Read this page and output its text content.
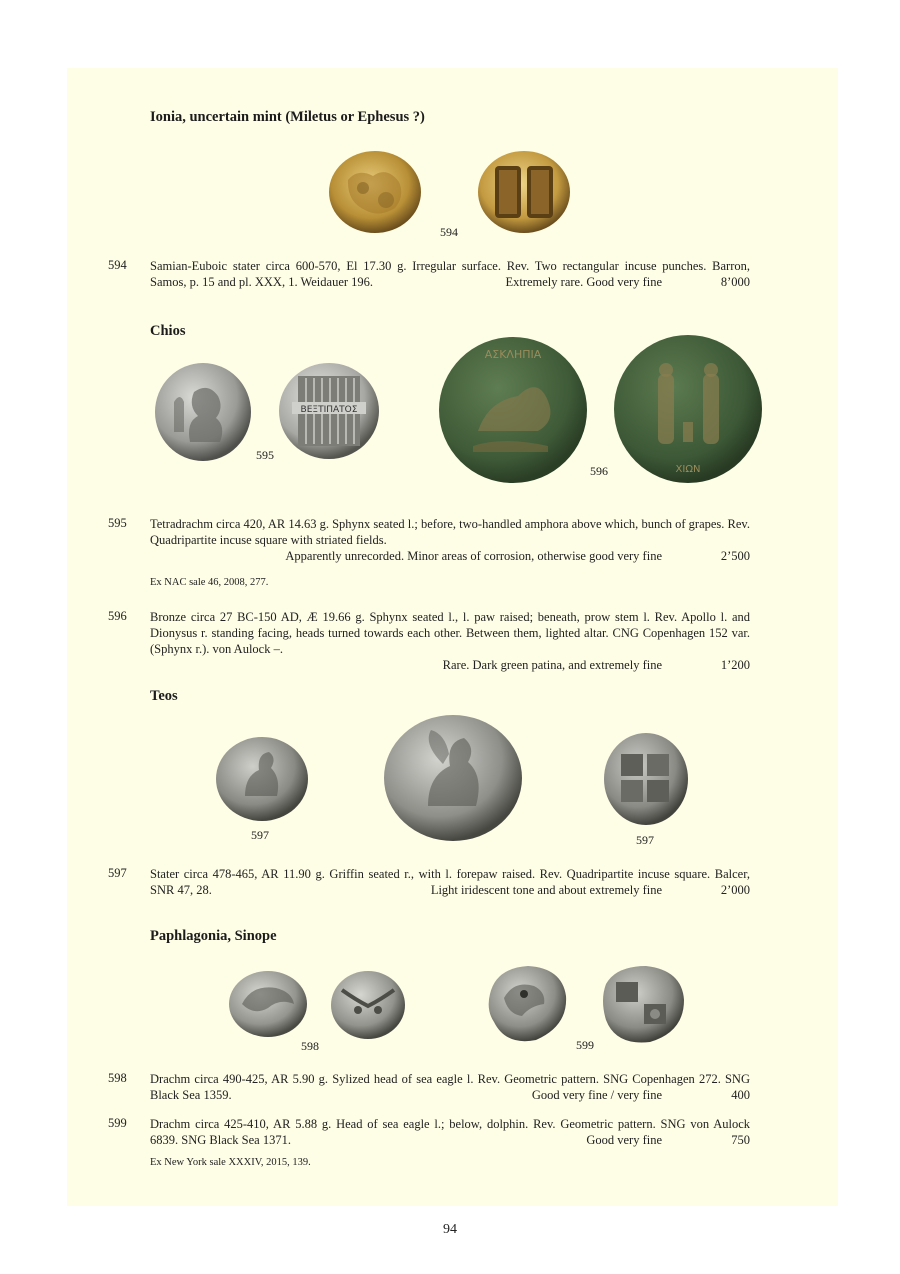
Ionia, uncertain mint (Miletus or Ephesus ?)
594
594 Samian-Euboic stater circa 600-570, El 17.30 g. Irregular surface. Rev. Two rectangular incuse punches. Barron, Samos, p. 15 and pl. XXX, 1. Weidauer 196.	Extremely rare. Good very fine	8’000
Chios
ΒΕΞΤΙΠΑΤΟΣ
595
ΑΣΚΛΗΠΙΑ
ΧΙΩΝ
596
595 Tetradrachm circa 420, AR 14.63 g. Sphynx seated l.; before, two-handled amphora above which, bunch of grapes. Rev. Quadripartite incuse square with striated fields.
Apparently unrecorded. Minor areas of corrosion, otherwise good very fine	2’500
Ex NAC sale 46, 2008, 277.
596 Bronze circa 27 BC-150 AD, Æ 19.66 g. Sphynx seated l., l. paw raised; beneath, prow stem l. Rev. Apollo l. and Dionysus r. standing facing, heads turned towards each other. Between them, lighted altar. CNG Copenhagen 152 var. (Sphynx r.). von Aulock –.
Rare. Dark green patina, and extremely fine	1’200
Teos
597	597
597 Stater circa 478-465, AR 11.90 g. Griffin seated r., with l. forepaw raised. Rev. Quadripartite incuse square. Balcer, SNR 47, 28.	Light iridescent tone and about extremely fine	2’000
Paphlagonia, Sinope
598	599
598 Drachm circa 490-425, AR 5.90 g. Sylized head of sea eagle l. Rev. Geometric pattern. SNG Copenhagen 272. SNG Black Sea 1359.	Good very fine / very fine	400
599 Drachm circa 425-410, AR 5.88 g. Head of sea eagle l.; below, dolphin. Rev. Geometric pattern. SNG von Aulock 6839. SNG Black Sea 1371.	Good very fine	750
Ex New York sale XXXIV, 2015, 139.
94
